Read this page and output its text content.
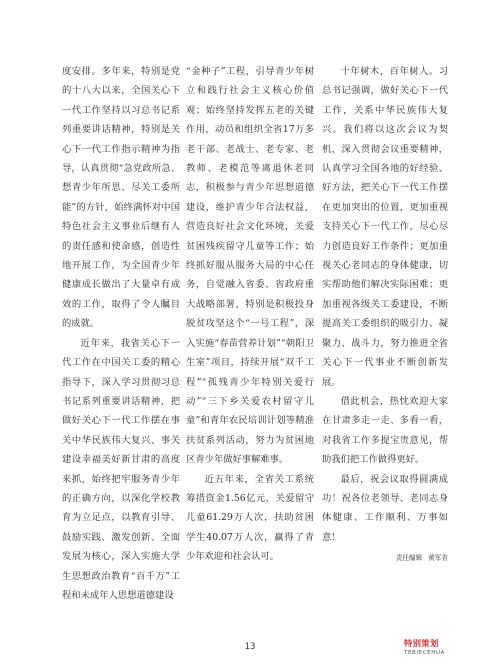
度安排。多年来，特别是党的十八大以来，全国关心下一代工作坚持以习总书记系列重要讲话精神，特别是关心下一代工作指示精神为指导，认真贯彻“急党政所急、想青少年所思、尽关工委所能”的方针，始终满怀对中国特色社会主义事业后继有人的责任感和使命感，创造性地开展工作，为全国青少年健康成长做出了大量卓有成效的工作，取得了令人瞩目的成就。

近年来，我省关心下一代工作在中国关工委的精心指导下，深入学习贯彻习总书记系列重要讲话精神，把做好关心下一代工作摆在事关中华民族伟大复兴、事关建设幸福美好新甘肃的高度来抓，始终把牢服务青少年的正确方向，以深化学校教育为立足点，以教育引导、鼓励实践、激发创新、全面发展为核心，深入实施大学生思想政治教育“百千万”工程和未成年人思想道德建设

“金种子”工程，引导青少年树立和践行社会主义核心价值观；始终坚持发挥五老的关键作用，动员和组织全省17万多老干部、老战士、老专家、老教师、老模范等离退休老同志，积极参与青少年思想道德建设，维护青少年合法权益，营造良好社会文化环境，关爱贫困残疾留守儿童等工作；始终抓好服从服务大局的中心任务，自觉融入省委、省政府重大战略部署，特别是积极投身脱贫攻坚这个“一号工程”，深入实施“春苗营养计划”“朝阳卫生室”项目，持续开展“双千工程”“孤残青少年特别关爱行动”“三下乡关爱农村留守儿童”和青年农民培训计划等精准扶贫系列活动，努力为贫困地区青少年做好事解难事。

近五年来，全省关工系统筹措资金1.56亿元，关爱留守儿童61.29万人次，扶助贫困学生40.07万人次，赢得了青少年欢迎和社会认可。

十年树木，百年树人。习总书记强调，做好关心下一代工作，关系中华民族伟大复兴。我们将以这次会议为契机，深入贯彻会议重要精神，认真学习全国各地的好经验、好方法，把关心下一代工作摆在更加突出的位置，更加重视支持关心下一代工作，尽心尽力创造良好工作条件；更加重视关心老同志的身体健康，切实帮助他们解决实际困难；更加重视各级关工委建设，不断提高关工委组织的吸引力、凝聚力、战斗力，努力推进全省关心下一代事业不断创新发展。

借此机会，热忱欢迎大家在甘肃多走一走、多看一看，对我省工作多提宝贵意见，帮助我们把工作做得更好。

最后，祝会议取得圆满成功！祝各位老领导、老同志身体健康、工作顺利、万事如意！

责任编辑 黄军省
13	特别策划
TEBIECEHUA
